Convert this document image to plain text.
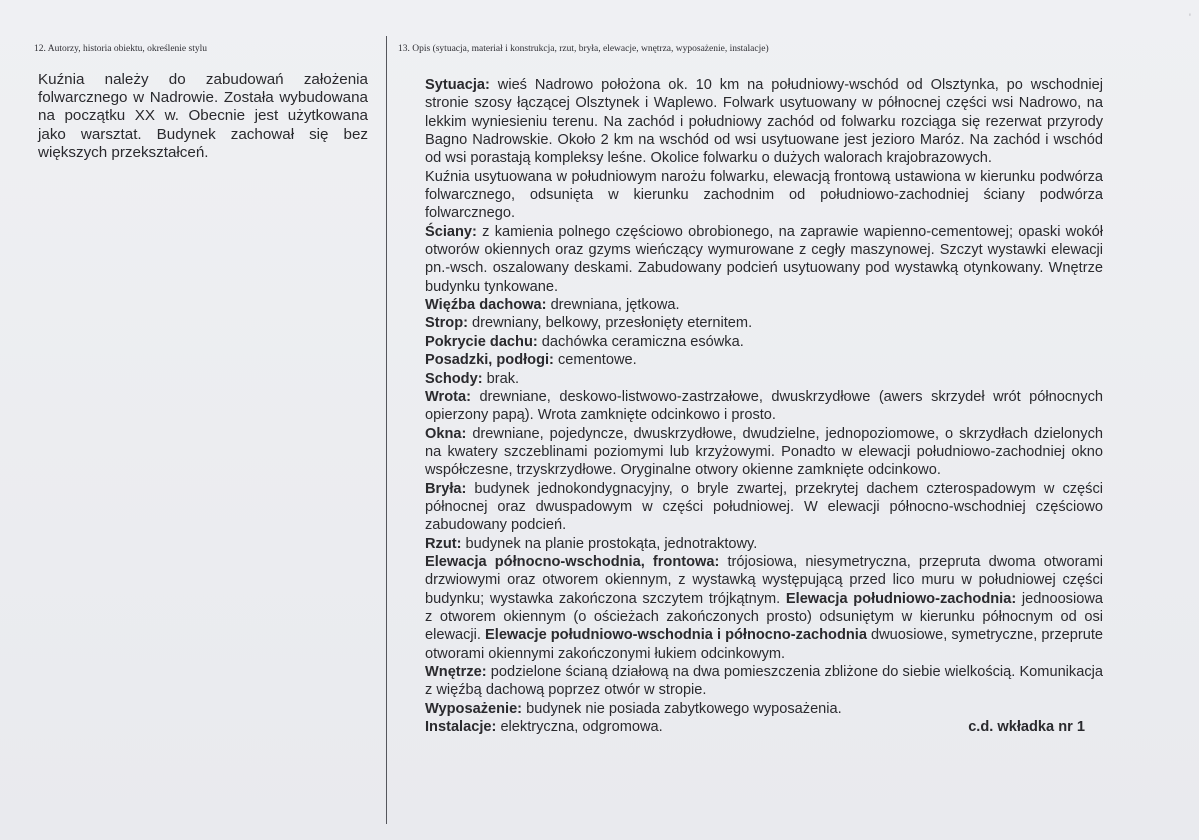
'
12. Autorzy, historia obiektu, określenie stylu	13. Opis (sytuacja, materiał i konstrukcja, rzut, bryła, elewacje, wnętrza, wyposażenie, instalacje)
Kuźnia należy do zabudowań założenia folwarcznego w Nadrowie. Została wybudowana na początku XX w. Obecnie jest użytkowana jako warsztat. Budynek zachował się bez większych przekształceń.

Sytuacja: wieś Nadrowo położona ok. 10 km na południowy-wschód od Olsztynka, po wschodniej stronie szosy łączącej Olsztynek i Waplewo. Folwark usytuowany w północnej części wsi Nadrowo, na lekkim wyniesieniu terenu. Na zachód i południowy zachód od folwarku rozciąga się rezerwat przyrody Bagno Nadrowskie. Około 2 km na wschód od wsi usytuowane jest jezioro Maróz. Na zachód i wschód od wsi porastają kompleksy leśne. Okolice folwarku o dużych walorach krajobrazowych.

Kuźnia usytuowana w południowym narożu folwarku, elewacją frontową ustawiona w kierunku podwórza folwarcznego, odsunięta w kierunku zachodnim od południowo-zachodniej ściany podwórza folwarcznego.

Ściany: z kamienia polnego częściowo obrobionego, na zaprawie wapienno-cementowej; opaski wokół otworów okiennych oraz gzyms wieńczący wymurowane z cegły maszynowej. Szczyt wystawki elewacji pn.-wsch. oszalowany deskami. Zabudowany podcień usytuowany pod wystawką otynkowany. Wnętrze budynku tynkowane.

Więźba dachowa: drewniana, jętkowa.

Strop: drewniany, belkowy, przesłonięty eternitem.

Pokrycie dachu: dachówka ceramiczna esówka.

Posadzki, podłogi: cementowe.

Schody: brak.

Wrota: drewniane, deskowo-listwowo-zastrzałowe, dwuskrzydłowe (awers skrzydeł wrót północnych opierzony papą). Wrota zamknięte odcinkowo i prosto.

Okna: drewniane, pojedyncze, dwuskrzydłowe, dwudzielne, jednopoziomowe, o skrzydłach dzielonych na kwatery szczeblinami poziomymi lub krzyżowymi. Ponadto w elewacji południowo-zachodniej okno współczesne, trzyskrzydłowe. Oryginalne otwory okienne zamknięte odcinkowo.

Bryła: budynek jednokondygnacyjny, o bryle zwartej, przekrytej dachem czterospadowym w części północnej oraz dwuspadowym w części południowej. W elewacji północno-wschodniej częściowo zabudowany podcień.

Rzut: budynek na planie prostokąta, jednotraktowy.

Elewacja północno-wschodnia, frontowa: trójosiowa, niesymetryczna, przepruta dwoma otworami drzwiowymi oraz otworem okiennym, z wystawką występującą przed lico muru w południowej części budynku; wystawka zakończona szczytem trójkątnym. Elewacja południowo-zachodnia: jednoosiowa z otworem okiennym (o ościeżach zakończonych prosto) odsuniętym w kierunku północnym od osi elewacji. Elewacje południowo-wschodnia i północno-zachodnia dwuosiowe, symetryczne, przeprute otworami okiennymi zakończonymi łukiem odcinkowym.

Wnętrze: podzielone ścianą działową na dwa pomieszczenia zbliżone do siebie wielkością. Komunikacja z więźbą dachową poprzez otwór w stropie.

Wyposażenie: budynek nie posiada zabytkowego wyposażenia.

Instalacje: elektryczna, odgromowa.	c.d. wkładka nr 1
